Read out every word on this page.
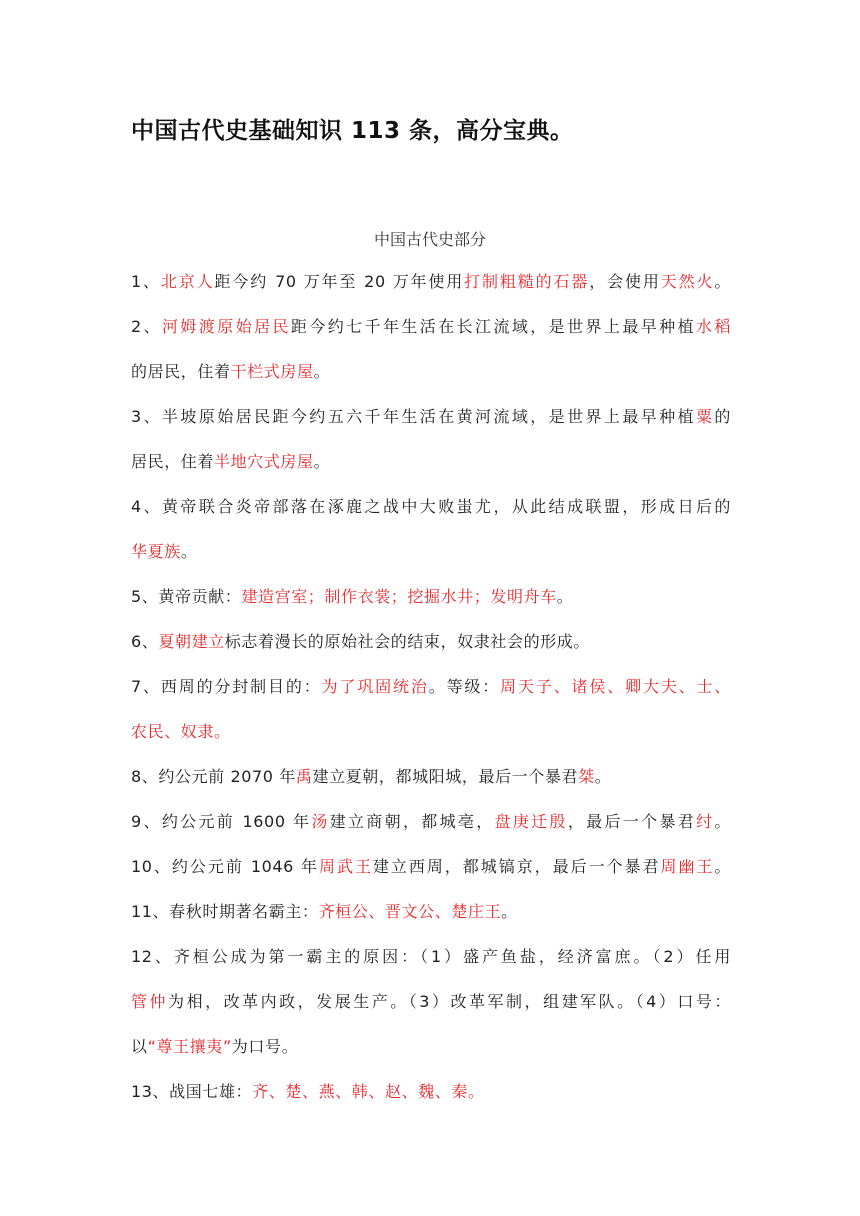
中国古代史基础知识 113 条，高分宝典。
中国古代史部分
1、北京人距今约 70 万年至 20 万年使用打制粗糙的石器，会使用天然火。
2、河姆渡原始居民距今约七千年生活在长江流域，是世界上最早种植水稻
的居民，住着干栏式房屋。
3、半坡原始居民距今约五六千年生活在黄河流域，是世界上最早种植粟的
居民，住着半地穴式房屋。
4、黄帝联合炎帝部落在涿鹿之战中大败蚩尤，从此结成联盟，形成日后的
华夏族。
5、黄帝贡献：建造宫室；制作衣裳；挖掘水井；发明舟车。
6、夏朝建立标志着漫长的原始社会的结束，奴隶社会的形成。
7、西周的分封制目的：为了巩固统治。等级：周天子、诸侯、卿大夫、士、
农民、奴隶。
8、约公元前 2070 年禹建立夏朝，都城阳城，最后一个暴君桀。
9、约公元前 1600 年汤建立商朝，都城亳，盘庚迁殷，最后一个暴君纣。
10、约公元前 1046 年周武王建立西周，都城镐京，最后一个暴君周幽王。
11、春秋时期著名霸主：齐桓公、晋文公、楚庄王。
12、齐桓公成为第一霸主的原因：（1）盛产鱼盐，经济富庶。（2）任用
管仲为相，改革内政，发展生产。（3）改革军制，组建军队。（4）口号：
以“尊王攘夷”为口号。
13、战国七雄：齐、楚、燕、韩、赵、魏、秦。
